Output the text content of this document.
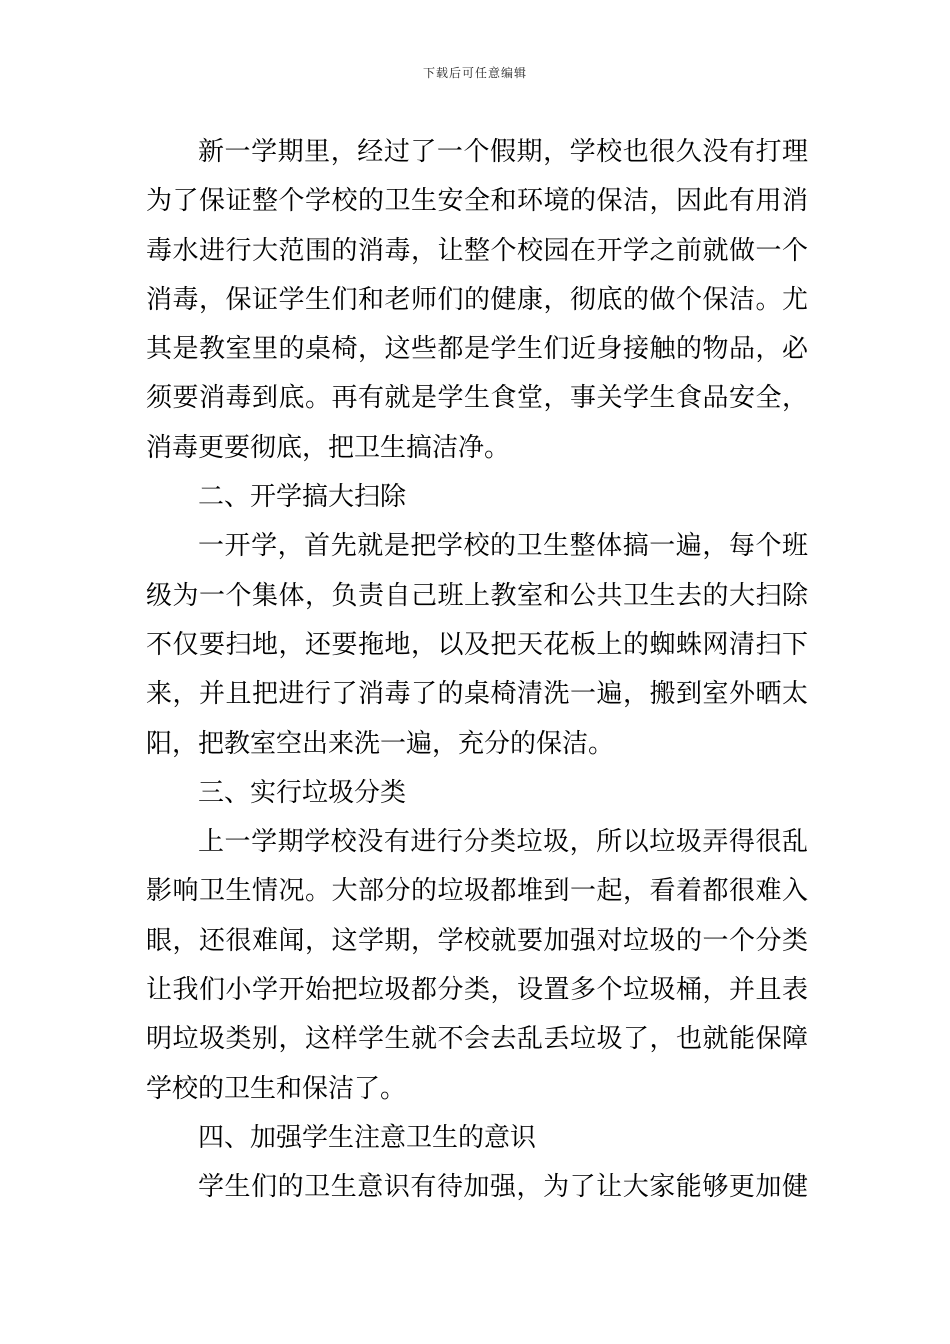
下载后可任意编辑
新一学期里，经过了一个假期，学校也很久没有打理
为了保证整个学校的卫生安全和环境的保洁，因此有用消
毒水进行大范围的消毒，让整个校园在开学之前就做一个
消毒，保证学生们和老师们的健康，彻底的做个保洁。尤
其是教室里的桌椅，这些都是学生们近身接触的物品，必
须要消毒到底。再有就是学生食堂，事关学生食品安全，
消毒更要彻底，把卫生搞洁净。
二、开学搞大扫除
一开学，首先就是把学校的卫生整体搞一遍，每个班
级为一个集体，负责自己班上教室和公共卫生去的大扫除
不仅要扫地，还要拖地，以及把天花板上的蜘蛛网清扫下
来，并且把进行了消毒了的桌椅清洗一遍，搬到室外晒太
阳，把教室空出来洗一遍，充分的保洁。
三、实行垃圾分类
上一学期学校没有进行分类垃圾，所以垃圾弄得很乱
影响卫生情况。大部分的垃圾都堆到一起，看着都很难入
眼，还很难闻，这学期，学校就要加强对垃圾的一个分类
让我们小学开始把垃圾都分类，设置多个垃圾桶，并且表
明垃圾类别，这样学生就不会去乱丢垃圾了，也就能保障
学校的卫生和保洁了。
四、加强学生注意卫生的意识
学生们的卫生意识有待加强，为了让大家能够更加健
